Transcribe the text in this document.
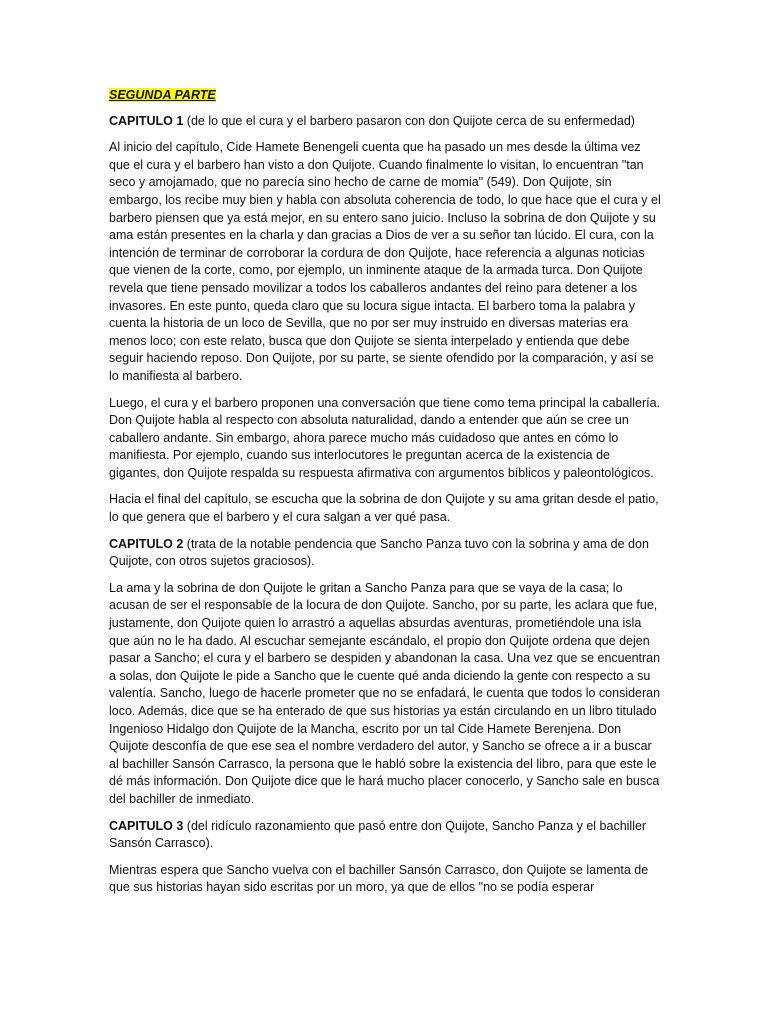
SEGUNDA PARTE

CAPITULO 1 (de lo que el cura y el barbero pasaron con don Quijote cerca de su enfermedad)

Al inicio del capítulo, Cide Hamete Benengeli cuenta que ha pasado un mes desde la última vez que el cura y el barbero han visto a don Quijote. Cuando finalmente lo visitan, lo encuentran "tan seco y amojamado, que no parecía sino hecho de carne de momia" (549). Don Quijote, sin embargo, los recibe muy bien y habla con absoluta coherencia de todo, lo que hace que el cura y el barbero piensen que ya está mejor, en su entero sano juicio. Incluso la sobrina de don Quijote y su ama están presentes en la charla y dan gracias a Dios de ver a su señor tan lúcido. El cura, con la intención de terminar de corroborar la cordura de don Quijote, hace referencia a algunas noticias que vienen de la corte, como, por ejemplo, un inminente ataque de la armada turca. Don Quijote revela que tiene pensado movilizar a todos los caballeros andantes del reino para detener a los invasores. En este punto, queda claro que su locura sigue intacta. El barbero toma la palabra y cuenta la historia de un loco de Sevilla, que no por ser muy instruido en diversas materias era menos loco; con este relato, busca que don Quijote se sienta interpelado y entienda que debe seguir haciendo reposo. Don Quijote, por su parte, se siente ofendido por la comparación, y así se lo manifiesta al barbero.

Luego, el cura y el barbero proponen una conversación que tiene como tema principal la caballería. Don Quijote habla al respecto con absoluta naturalidad, dando a entender que aún se cree un caballero andante. Sin embargo, ahora parece mucho más cuidadoso que antes en cómo lo manifiesta. Por ejemplo, cuando sus interlocutores le preguntan acerca de la existencia de gigantes, don Quijote respalda su respuesta afirmativa con argumentos bíblicos y paleontológicos.

Hacia el final del capítulo, se escucha que la sobrina de don Quijote y su ama gritan desde el patio, lo que genera que el barbero y el cura salgan a ver qué pasa.

CAPITULO 2 (trata de la notable pendencia que Sancho Panza tuvo con la sobrina y ama de don Quijote, con otros sujetos graciosos).

La ama y la sobrina de don Quijote le gritan a Sancho Panza para que se vaya de la casa; lo acusan de ser el responsable de la locura de don Quijote. Sancho, por su parte, les aclara que fue, justamente, don Quijote quien lo arrastró a aquellas absurdas aventuras, prometiéndole una isla que aún no le ha dado. Al escuchar semejante escándalo, el propio don Quijote ordena que dejen pasar a Sancho; el cura y el barbero se despiden y abandonan la casa. Una vez que se encuentran a solas, don Quijote le pide a Sancho que le cuente qué anda diciendo la gente con respecto a su valentía. Sancho, luego de hacerle prometer que no se enfadará, le cuenta que todos lo consideran loco. Además, dice que se ha enterado de que sus historias ya están circulando en un libro titulado Ingenioso Hidalgo don Quijote de la Mancha, escrito por un tal Cide Hamete Berenjena. Don Quijote desconfía de que ese sea el nombre verdadero del autor, y Sancho se ofrece a ir a buscar al bachiller Sansón Carrasco, la persona que le habló sobre la existencia del libro, para que este le dé más información. Don Quijote dice que le hará mucho placer conocerlo, y Sancho sale en busca del bachiller de inmediato.

CAPITULO 3 (del ridículo razonamiento que pasó entre don Quijote, Sancho Panza y el bachiller Sansón Carrasco).

Mientras espera que Sancho vuelva con el bachiller Sansón Carrasco, don Quijote se lamenta de que sus historias hayan sido escritas por un moro, ya que de ellos "no se podía esperar
